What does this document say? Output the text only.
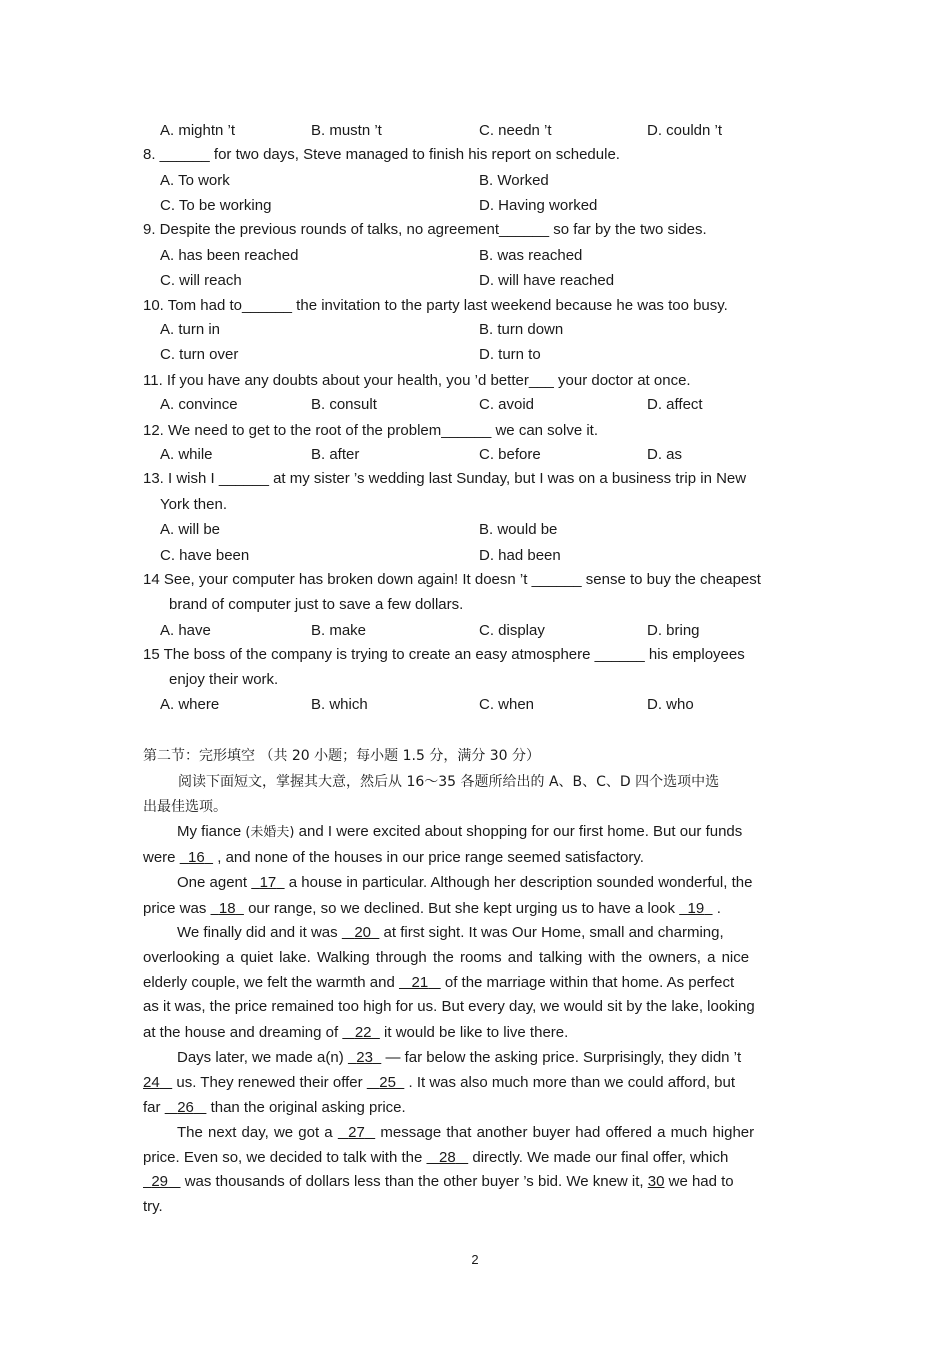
A. mightn ’t	B. mustn ’t	C. needn ’t	D. couldn ’t
8. ______ for two days, Steve managed to finish his report on schedule.
A. To work	B. Worked
C. To be working	D. Having worked
9. Despite the previous rounds of talks, no agreement______ so far by the two sides.
A. has been reached	B. was reached
C. will reach	D. will have reached
10. Tom had to______ the invitation to the party last weekend because he was too busy.
A. turn in	B. turn down
C. turn over	D. turn to
11. If you have any doubts about your health, you ’d better___ your doctor at once.
A. convince	B. consult	C. avoid	D. affect
12. We need to get to the root of the problem______ we can solve it.
A. while	B. after	C. before	D. as
13. I wish I ______ at my sister ’s wedding last Sunday, but I was on a business trip in New
York then.
A. will be	B. would be
C. have been	D. had been
14 See, your computer has broken down again! It doesn ’t ______ sense to buy the cheapest
brand of computer just to save a few dollars.
A. have	B. make	C. display	D. bring
15 The boss of the company is trying to create an easy atmosphere ______ his employees
enjoy their work.
A. where	B. which	C. when	D. who
第二节：完形填空 （共 20 小题；每小题 1.5 分，满分 30 分）
阅读下面短文，掌握其大意，然后从 16～35 各题所给出的 A、B、C、D 四个选项中选
出最佳选项。
My fiance (未婚夫) and I were excited about shopping for our first home. But our funds
were   16   , and none of the houses in our price range seemed satisfactory.
One agent   17   a house in particular. Although her description sounded wonderful, the
price was   18   our range, so we declined. But she kept urging us to have a look   19   .
We finally did and it was    20   at first sight. It was Our Home, small and charming,
overlooking a quiet lake. Walking through the rooms and talking with the owners, a nice
elderly couple, we felt the warmth and    21    of the marriage within that home. As perfect
as it was, the price remained too high for us. But every day, we would sit by the lake, looking
at the house and dreaming of    22   it would be like to live there.
Days later, we made a(n)   23   — far below the asking price. Surprisingly, they didn ’t
24    us. They renewed their offer    25   . It was also much more than we could afford, but
far    26    than the original asking price.
The next day, we got a   27   message that another buyer had offered a much higher
price. Even so, we decided to talk with the    28    directly. We made our final offer, which
29    was thousands of dollars less than the other buyer ’s bid. We knew it, 30 we had to
try.
2
